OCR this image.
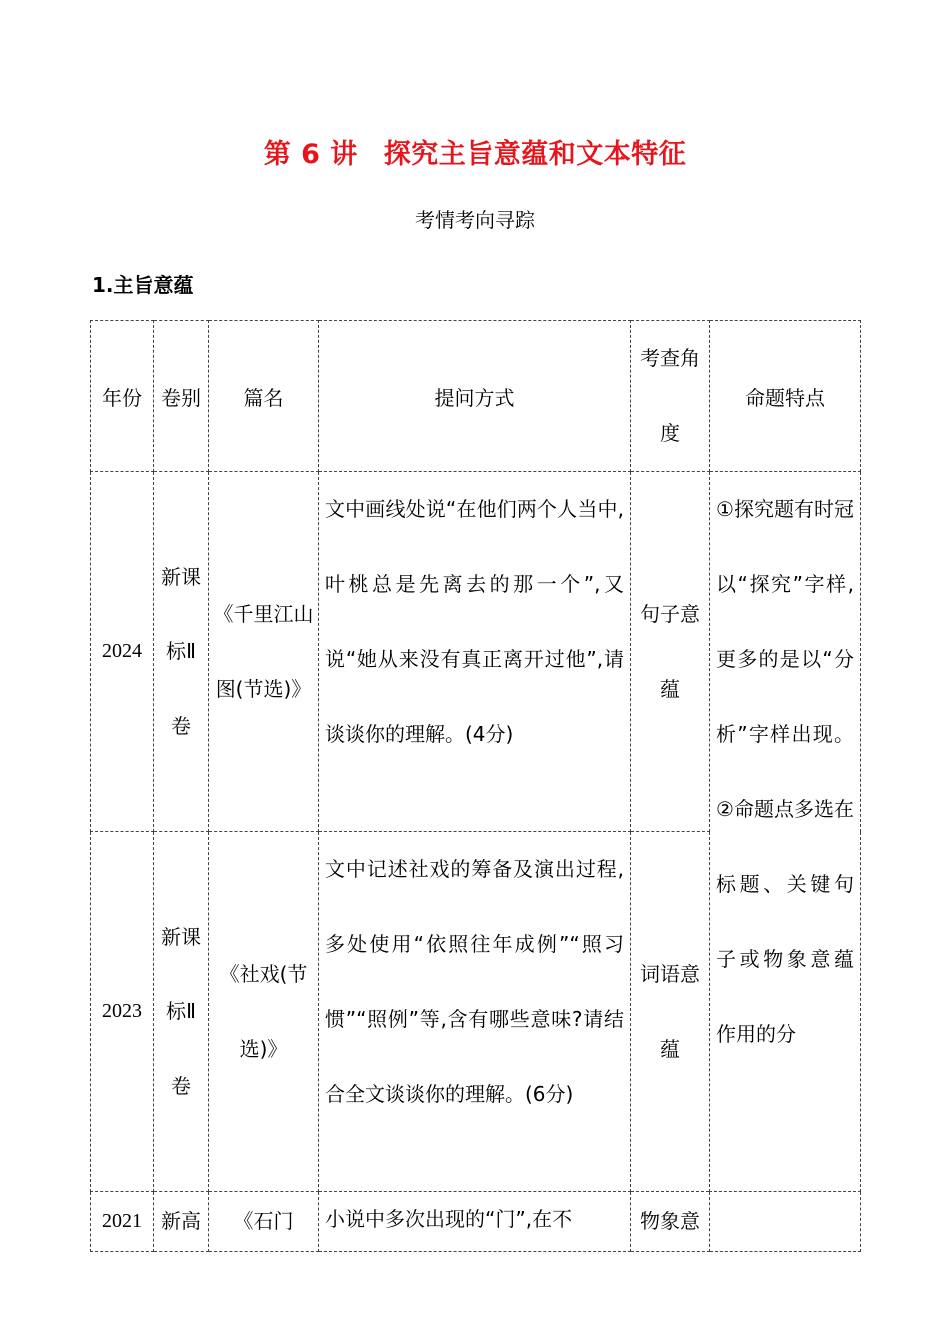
第 6 讲 探究主旨意蕴和文本特征

考情考向寻踪

1.主旨意蕴

年份	卷别	篇名	提问方式	考查角度	命题特点
2024	新课标Ⅱ卷	《千里江山图(节选)》	文中画线处说“在他们两个人当中,叶桃总是先离去的那一个”,又说“她从来没有真正离开过他”,请谈谈你的理解。(4分)	句子意蕴	①探究题有时冠以“探究”字样,更多的是以“分析”字样出现。②命题点多选在标题、关键句子或物象意蕴作用的分

2023	新课标Ⅱ卷	《社戏(节选)》	文中记述社戏的筹备及演出过程,多处使用“依照往年成例”“照习惯”“照例”等,含有哪些意味?请结合全文谈谈你的理解。(6分)	词语意蕴	

2021	新高	《石门	小说中多次出现的“门”,在不	物象意	
